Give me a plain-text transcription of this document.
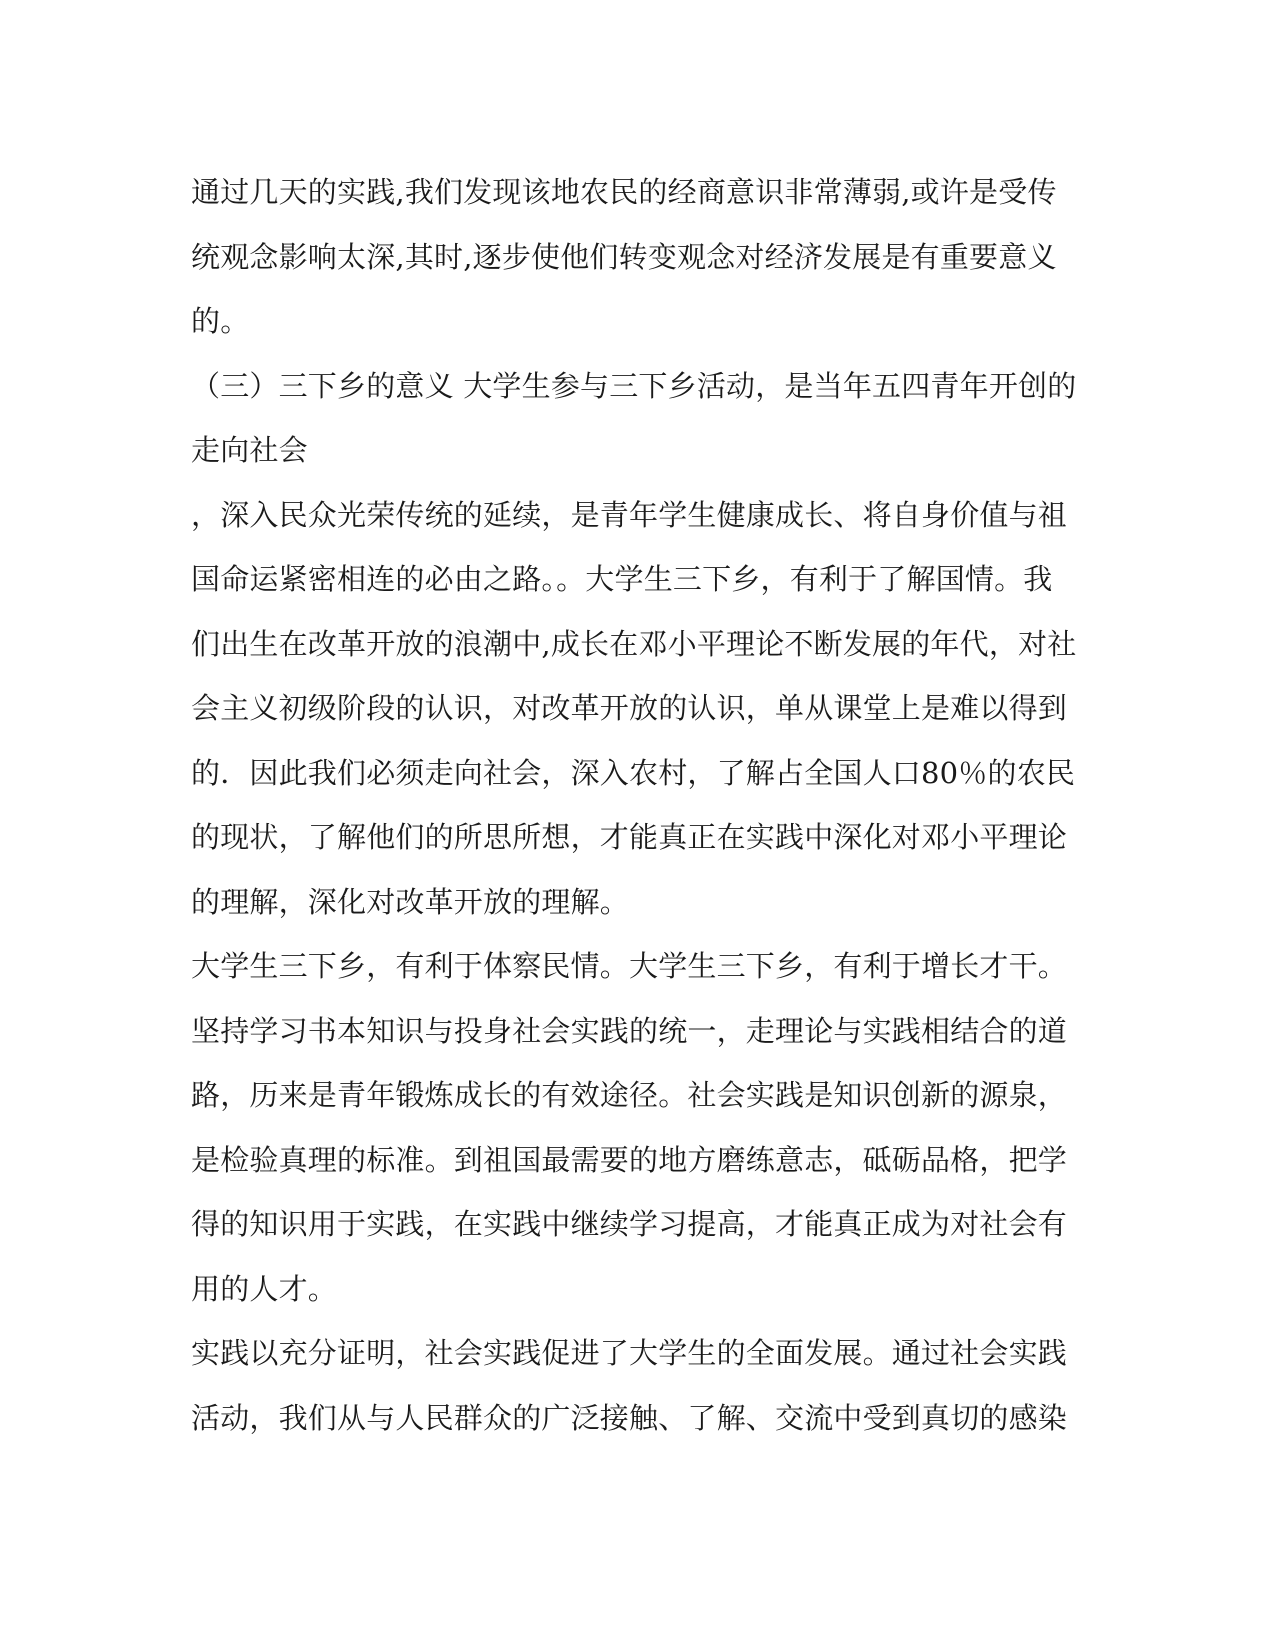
通过几天的实践,我们发现该地农民的经商意识非常薄弱,或许是受传
统观念影响太深,其时,逐步使他们转变观念对经济发展是有重要意义
的。
（三）三下乡的意义 大学生参与三下乡活动，是当年五四青年开创的
走向社会
，深入民众光荣传统的延续，是青年学生健康成长、将自身价值与祖
国命运紧密相连的必由之路。。大学生三下乡，有利于了解国情。我
们出生在改革开放的浪潮中,成长在邓小平理论不断发展的年代，对社
会主义初级阶段的认识，对改革开放的认识，单从课堂上是难以得到
的．因此我们必须走向社会，深入农村，了解占全国人口80％的农民
的现状，了解他们的所思所想，才能真正在实践中深化对邓小平理论
的理解，深化对改革开放的理解。
大学生三下乡，有利于体察民情。大学生三下乡，有利于增长才干。
坚持学习书本知识与投身社会实践的统一，走理论与实践相结合的道
路，历来是青年锻炼成长的有效途径。社会实践是知识创新的源泉，
是检验真理的标准。到祖国最需要的地方磨练意志，砥砺品格，把学
得的知识用于实践，在实践中继续学习提高，才能真正成为对社会有
用的人才。
实践以充分证明，社会实践促进了大学生的全面发展。通过社会实践
活动，我们从与人民群众的广泛接触、了解、交流中受到真切的感染
